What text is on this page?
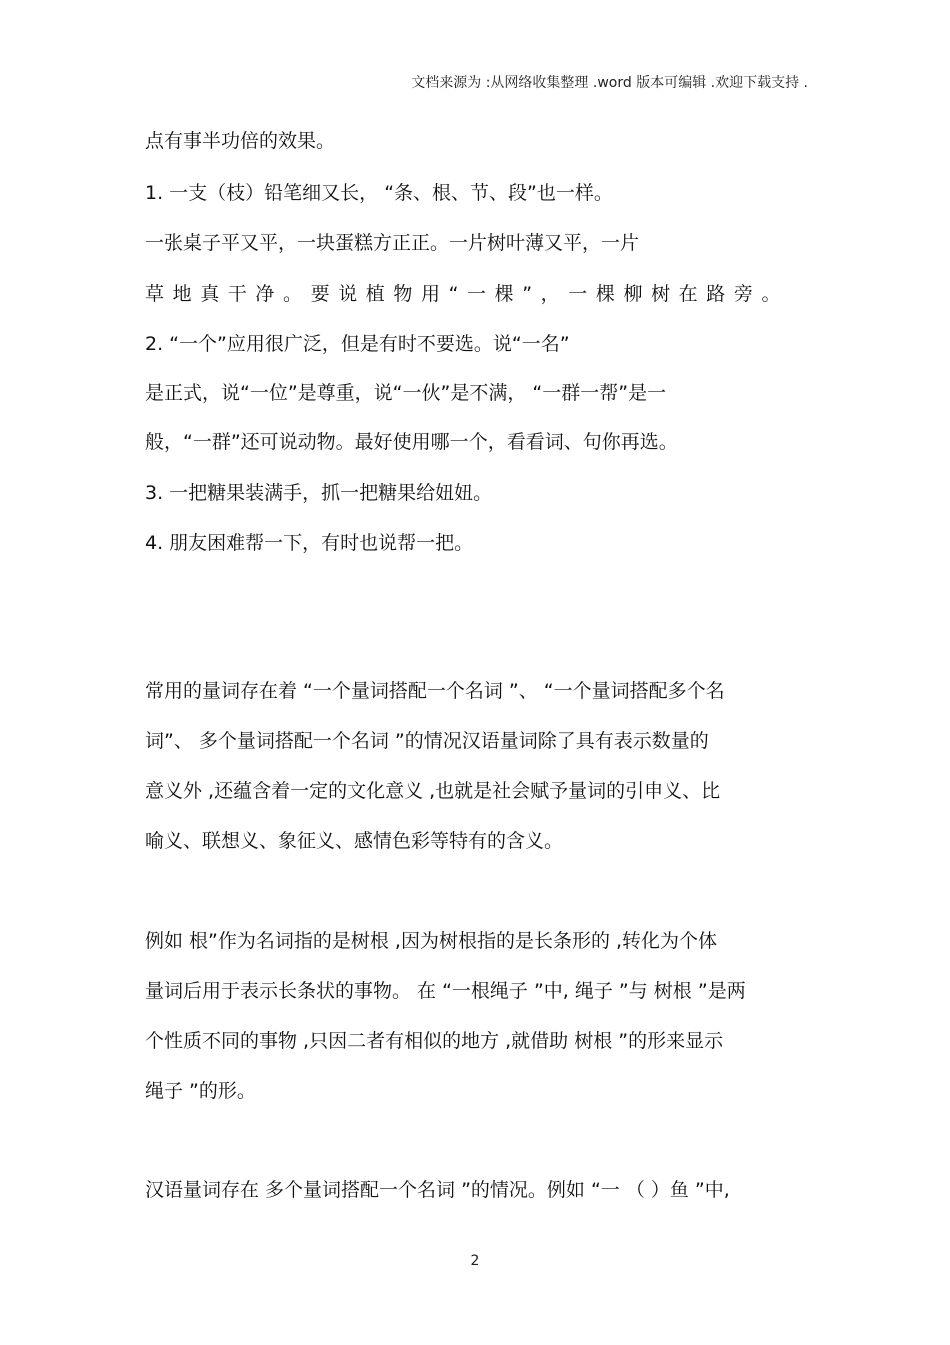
文档来源为 :从网络收集整理 .word 版本可编辑 .欢迎下载支持 .
点有事半功倍的效果。
1. 一支（枝）铅笔细又长， “条、根、节、段”也一样。
一张桌子平又平，一块蛋糕方正正。一片树叶薄又平，一片
草地真干净。要说植物用“一棵”，一棵柳树在路旁。
2. “一个”应用很广泛，但是有时不要选。说“一名”
是正式，说“一位”是尊重，说“一伙”是不满， “一群一帮”是一
般，“一群”还可说动物。最好使用哪一个，看看词、句你再选。
3. 一把糖果装满手，抓一把糖果给妞妞。
4. 朋友困难帮一下，有时也说帮一把。
常用的量词存在着 “一个量词搭配一个名词 ”、 “一个量词搭配多个名
词”、 多个量词搭配一个名词 ”的情况汉语量词除了具有表示数量的
意义外 ,还蕴含着一定的文化意义 ,也就是社会赋予量词的引申义、比
喻义、联想义、象征义、感情色彩等特有的含义。
例如 根”作为名词指的是树根 ,因为树根指的是长条形的 ,转化为个体
量词后用于表示长条状的事物。 在 “一根绳子 ”中, 绳子 ”与 树根 ”是两
个性质不同的事物 ,只因二者有相似的地方 ,就借助 树根 ”的形来显示
绳子 ”的形。
汉语量词存在 多个量词搭配一个名词 ”的情况。例如 “一 （ ）鱼 ”中,
2
